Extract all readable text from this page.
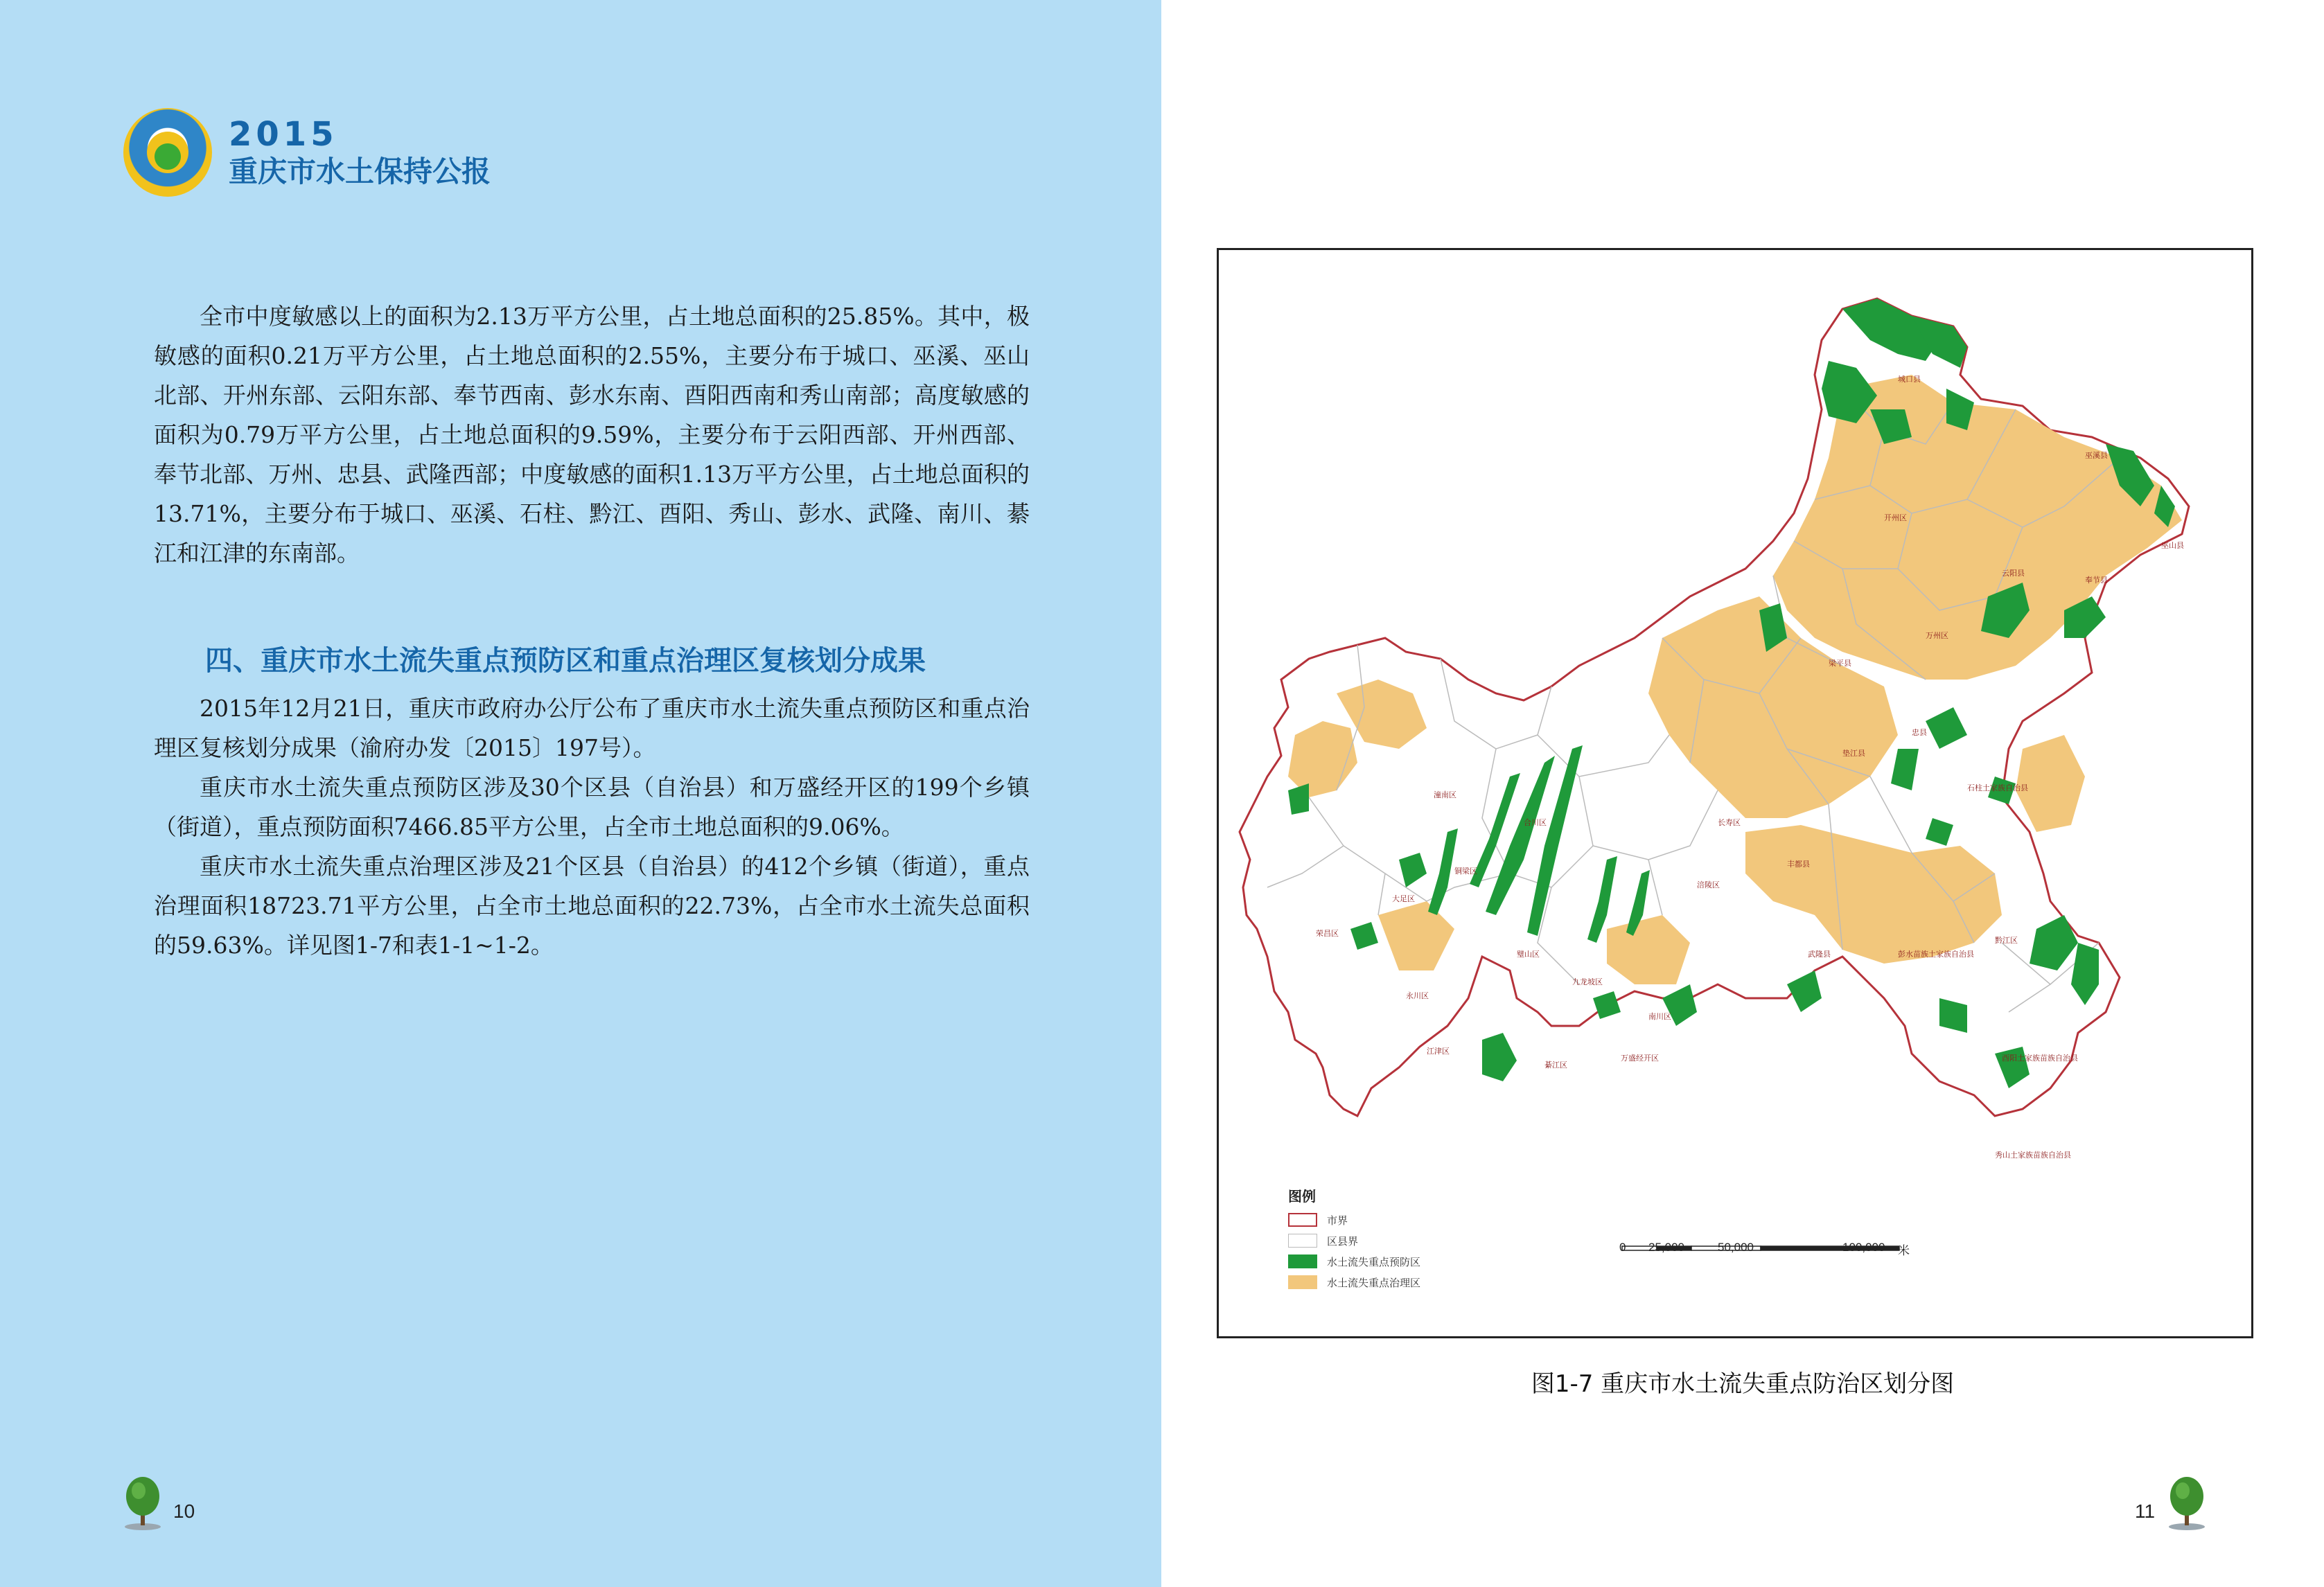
2015
重庆市水土保持公报

全市中度敏感以上的面积为2.13万平方公里，占土地总面积的25.85%。其中，极敏感的面积0.21万平方公里，占土地总面积的2.55%，主要分布于城口、巫溪、巫山北部、开州东部、云阳东部、奉节西南、彭水东南、酉阳西南和秀山南部；高度敏感的面积为0.79万平方公里，占土地总面积的9.59%，主要分布于云阳西部、开州西部、奉节北部、万州、忠县、武隆西部；中度敏感的面积1.13万平方公里，占土地总面积的13.71%，主要分布于城口、巫溪、石柱、黔江、酉阳、秀山、彭水、武隆、南川、綦江和江津的东南部。

四、重庆市水土流失重点预防区和重点治理区复核划分成果

2015年12月21日，重庆市政府办公厅公布了重庆市水土流失重点预防区和重点治理区复核划分成果（渝府办发〔2015〕197号）。

重庆市水土流失重点预防区涉及30个区县（自治县）和万盛经开区的199个乡镇（街道），重点预防面积7466.85平方公里，占全市土地总面积的9.06%。

重庆市水土流失重点治理区涉及21个区县（自治县）的412个乡镇（街道），重点治理面积18723.71平方公里，占全市土地总面积的22.73%，占全市水土流失总面积的59.63%。详见图1-7和表1-1~1-2。

10
城口县
巫溪县
开州区
巫山县
云阳县
奉节县
万州区
梁平县
忠县
石柱土家族自治县
垫江县
长寿区
合川区
潼南区
铜梁区
大足区
荣昌区
永川区
璧山区
九龙坡区
涪陵区
丰都县
武隆县	彭水苗族土家族自治县
黔江区
酉阳土家族苗族自治县
秀山土家族苗族自治县
南川区
綦江区
万盛经开区
江津区
图例
市界
区县界
水土流失重点预防区
水土流失重点治理区
0 25,000	50,000	100,000 米
图1-7 重庆市水土流失重点防治区划分图
11
